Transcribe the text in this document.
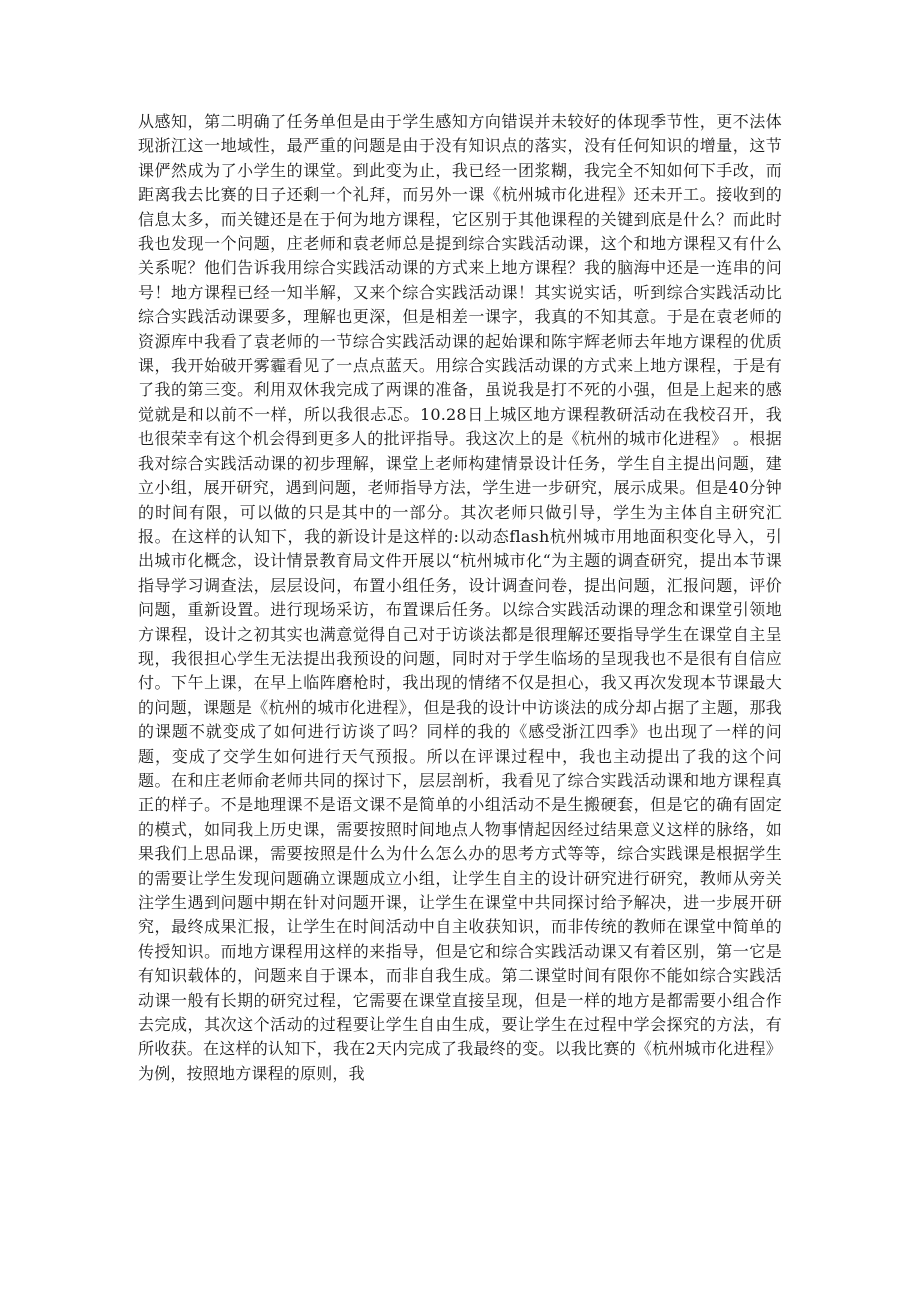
从感知，第二明确了任务单但是由于学生感知方向错误并未较好的体现季节性，更不法体现浙江这一地域性，最严重的问题是由于没有知识点的落实，没有任何知识的增量，这节课俨然成为了小学生的课堂。到此变为止，我已经一团浆糊，我完全不知如何下手改，而距离我去比赛的日子还剩一个礼拜，而另外一课《杭州城市化进程》还未开工。接收到的信息太多，而关键还是在于何为地方课程，它区别于其他课程的关键到底是什么？而此时我也发现一个问题，庄老师和袁老师总是提到综合实践活动课，这个和地方课程又有什么关系呢？他们告诉我用综合实践活动课的方式来上地方课程？我的脑海中还是一连串的问号！地方课程已经一知半解，又来个综合实践活动课！其实说实话，听到综合实践活动比综合实践活动课要多，理解也更深，但是相差一课字，我真的不知其意。于是在袁老师的资源库中我看了袁老师的一节综合实践活动课的起始课和陈宇辉老师去年地方课程的优质课，我开始破开雾霾看见了一点点蓝天。用综合实践活动课的方式来上地方课程，于是有了我的第三变。利用双休我完成了两课的准备，虽说我是打不死的小强，但是上起来的感觉就是和以前不一样，所以我很忐忑。10.28日上城区地方课程教研活动在我校召开，我也很荣幸有这个机会得到更多人的批评指导。我这次上的是《杭州的城市化进程》 。根据我对综合实践活动课的初步理解，课堂上老师构建情景设计任务，学生自主提出问题，建立小组，展开研究，遇到问题，老师指导方法，学生进一步研究，展示成果。但是40分钟的时间有限，可以做的只是其中的一部分。其次老师只做引导，学生为主体自主研究汇报。在这样的认知下，我的新设计是这样的:以动态flash杭州城市用地面积变化导入，引出城市化概念，设计情景教育局文件开展以“杭州城市化“为主题的调查研究，提出本节课指导学习调查法，层层设问，布置小组任务，设计调查问卷，提出问题，汇报问题，评价问题，重新设置。进行现场采访，布置课后任务。以综合实践活动课的理念和课堂引领地方课程，设计之初其实也满意觉得自己对于访谈法都是很理解还要指导学生在课堂自主呈现，我很担心学生无法提出我预设的问题，同时对于学生临场的呈现我也不是很有自信应付。下午上课，在早上临阵磨枪时，我出现的情绪不仅是担心，我又再次发现本节课最大的问题，课题是《杭州的城市化进程》，但是我的设计中访谈法的成分却占据了主题，那我的课题不就变成了如何进行访谈了吗？同样的我的《感受浙江四季》也出现了一样的问题，变成了交学生如何进行天气预报。所以在评课过程中，我也主动提出了我的这个问题。在和庄老师俞老师共同的探讨下，层层剖析，我看见了综合实践活动课和地方课程真正的样子。不是地理课不是语文课不是简单的小组活动不是生搬硬套，但是它的确有固定的模式，如同我上历史课，需要按照时间地点人物事情起因经过结果意义这样的脉络，如果我们上思品课，需要按照是什么为什么怎么办的思考方式等等，综合实践课是根据学生的需要让学生发现问题确立课题成立小组，让学生自主的设计研究进行研究，教师从旁关注学生遇到问题中期在针对问题开课，让学生在课堂中共同探讨给予解决，进一步展开研究，最终成果汇报，让学生在时间活动中自主收获知识，而非传统的教师在课堂中简单的传授知识。而地方课程用这样的来指导，但是它和综合实践活动课又有着区别，第一它是有知识载体的，问题来自于课本，而非自我生成。第二课堂时间有限你不能如综合实践活动课一般有长期的研究过程，它需要在课堂直接呈现，但是一样的地方是都需要小组合作去完成，其次这个活动的过程要让学生自由生成，要让学生在过程中学会探究的方法，有所收获。在这样的认知下，我在2天内完成了我最终的变。以我比赛的《杭州城市化进程》为例，按照地方课程的原则，我
